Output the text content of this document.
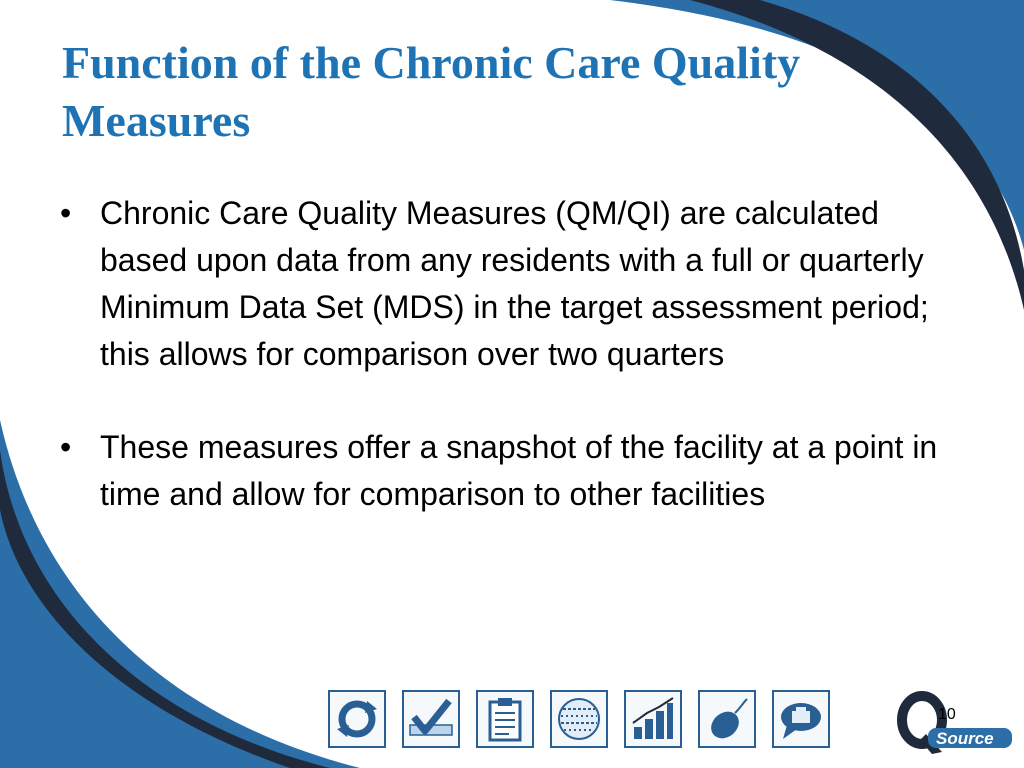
Function of the Chronic Care Quality Measures
• Chronic Care Quality Measures (QM/QI) are calculated based upon data from any residents with a full or quarterly Minimum Data Set (MDS) in the target assessment period; this allows for comparison over two quarters
• These measures offer a snapshot of the facility at a point in time and allow for comparison to other facilities
Source
10
